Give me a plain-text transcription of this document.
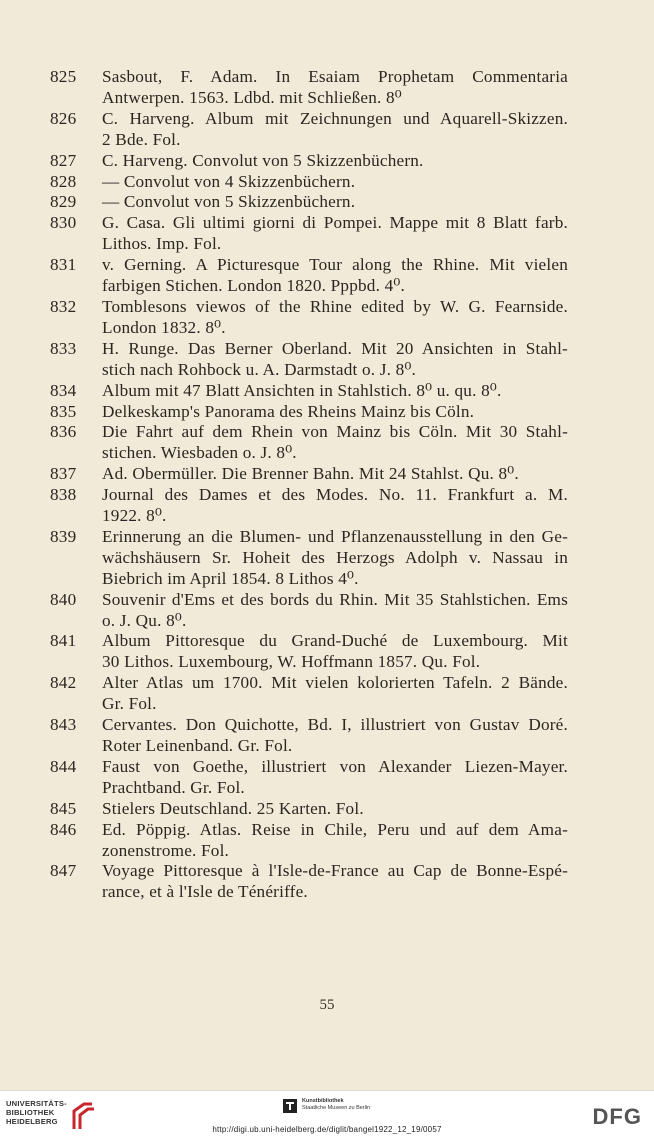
825	Sasbout, F. Adam. In Esaiam Prophetam Commentaria
Antwerpen. 1563. Ldbd. mit Schließen. 8⁰
826	C. Harveng. Album mit Zeichnungen und Aquarell-Skizzen.
2 Bde. Fol.
827	C. Harveng. Convolut von 5 Skizzenbüchern.
828	— Convolut von 4 Skizzenbüchern.
829	— Convolut von 5 Skizzenbüchern.
830	G. Casa. Gli ultimi giorni di Pompei. Mappe mit 8 Blatt farb.
Lithos. Imp. Fol.
831	v. Gerning. A Picturesque Tour along the Rhine. Mit vielen
farbigen Stichen. London 1820. Pppbd. 4⁰.
832	Tomblesons viewos of the Rhine edited by W. G. Fearnside.
London 1832. 8⁰.
833	H. Runge. Das Berner Oberland. Mit 20 Ansichten in Stahl-
stich nach Rohbock u. A. Darmstadt o. J. 8⁰.
834	Album mit 47 Blatt Ansichten in Stahlstich. 8⁰ u. qu. 8⁰.
835	Delkeskamp's Panorama des Rheins Mainz bis Cöln.
836	Die Fahrt auf dem Rhein von Mainz bis Cöln. Mit 30 Stahl-
stichen. Wiesbaden o. J. 8⁰.
837	Ad. Obermüller. Die Brenner Bahn. Mit 24 Stahlst. Qu. 8⁰.
838	Journal des Dames et des Modes. No. 11. Frankfurt a. M.
1922. 8⁰.
839	Erinnerung an die Blumen- und Pflanzenausstellung in den Ge-
wächshäusern Sr. Hoheit des Herzogs Adolph v. Nassau in
Biebrich im April 1854. 8 Lithos 4⁰.
840	Souvenir d'Ems et des bords du Rhin. Mit 35 Stahlstichen. Ems
o. J. Qu. 8⁰.
841	Album Pittoresque du Grand-Duché de Luxembourg. Mit
30 Lithos. Luxembourg, W. Hoffmann 1857. Qu. Fol.
842	Alter Atlas um 1700. Mit vielen kolorierten Tafeln. 2 Bände.
Gr. Fol.
843	Cervantes. Don Quichotte, Bd. I, illustriert von Gustav Doré.
Roter Leinenband. Gr. Fol.
844	Faust von Goethe, illustriert von Alexander Liezen-Mayer.
Prachtband. Gr. Fol.
845	Stielers Deutschland. 25 Karten. Fol.
846	Ed. Pöppig. Atlas. Reise in Chile, Peru und auf dem Ama-
zonenstrome. Fol.
847	Voyage Pittoresque à l'Isle-de-France au Cap de Bonne-Espé-
rance, et à l'Isle de Ténériffe.
55
UNIVERSITÄTS-
BIBLIOTHEK
HEIDELBERG
Kunstbibliothek
Staatliche Museen zu Berlin
http://digi.ub.uni-heidelberg.de/diglit/bangel1922_12_19/0057
DFG
